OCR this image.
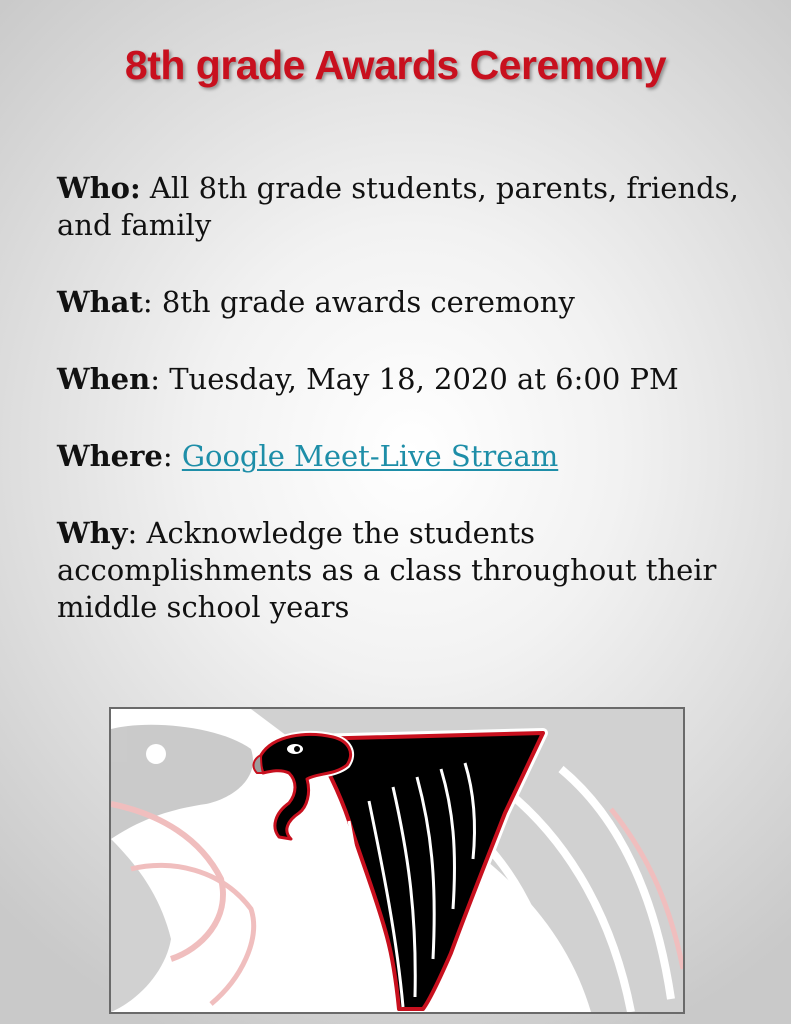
8th grade Awards Ceremony

Who: All 8th grade students, parents, friends, and family

What: 8th grade awards ceremony

When: Tuesday, May 18, 2020 at 6:00 PM

Where: Google Meet-Live Stream

Why: Acknowledge the students accomplishments as a class throughout their middle school years
